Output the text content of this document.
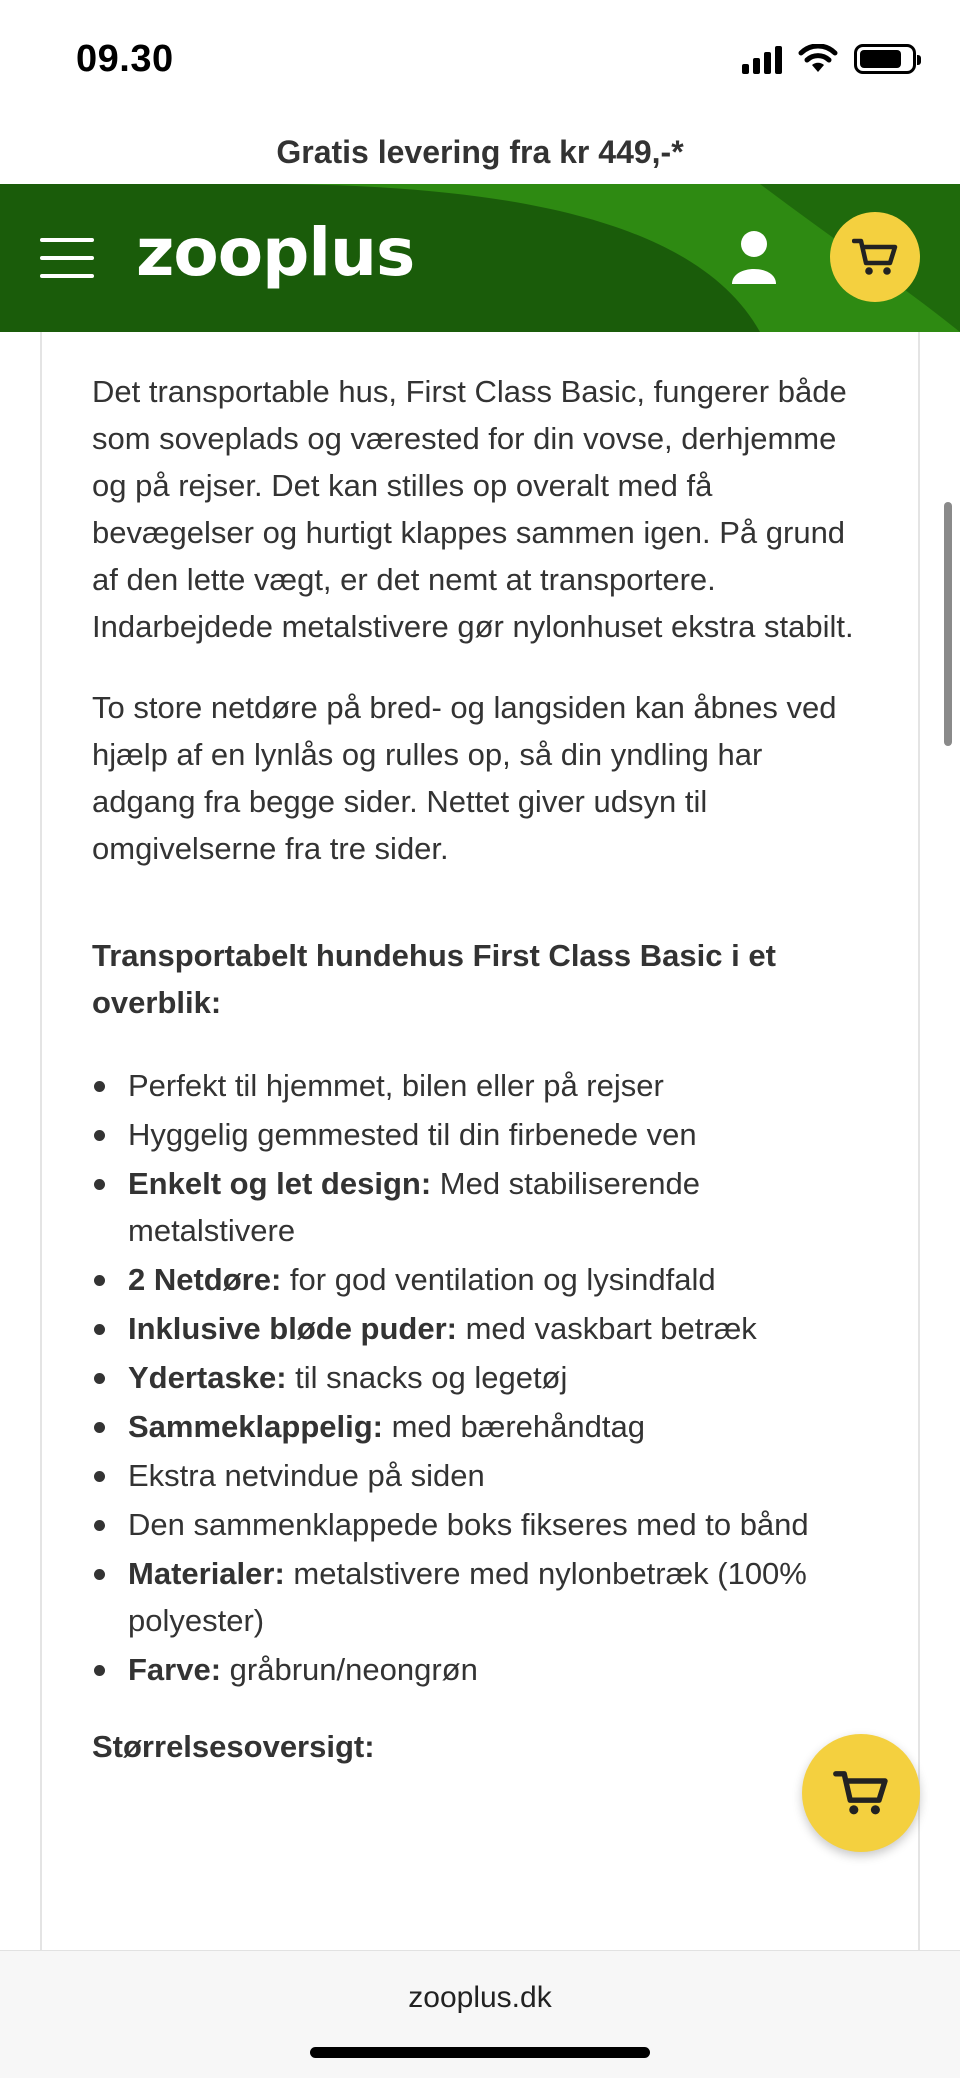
09.30
Gratis levering fra kr 449,-*
zooplus

Det transportable hus, First Class Basic, fungerer både som soveplads og værested for din vovse, derhjemme og på rejser. Det kan stilles op overalt med få bevægelser og hurtigt klappes sammen igen. På grund af den lette vægt, er det nemt at transportere. Indarbejdede metalstivere gør nylonhuset ekstra stabilt.

To store netdøre på bred- og langsiden kan åbnes ved hjælp af en lynlås og rulles op, så din yndling har adgang fra begge sider. Nettet giver udsyn til omgivelserne fra tre sider.

Transportabelt hundehus First Class Basic i et overblik:
Perfekt til hjemmet, bilen eller på rejser
Hyggelig gemmested til din firbenede ven
Enkelt og let design: Med stabiliserende metalstivere
2 Netdøre: for god ventilation og lysindfald
Inklusive bløde puder: med vaskbart betræk
Ydertaske: til snacks og legetøj
Sammeklappelig: med bærehåndtag
Ekstra netvindue på siden
Den sammenklappede boks fikseres med to bånd
Materialer: metalstivere med nylonbetræk (100% polyester)
Farve: gråbrun/neongrøn
Størrelsesoversigt:
zooplus.dk
